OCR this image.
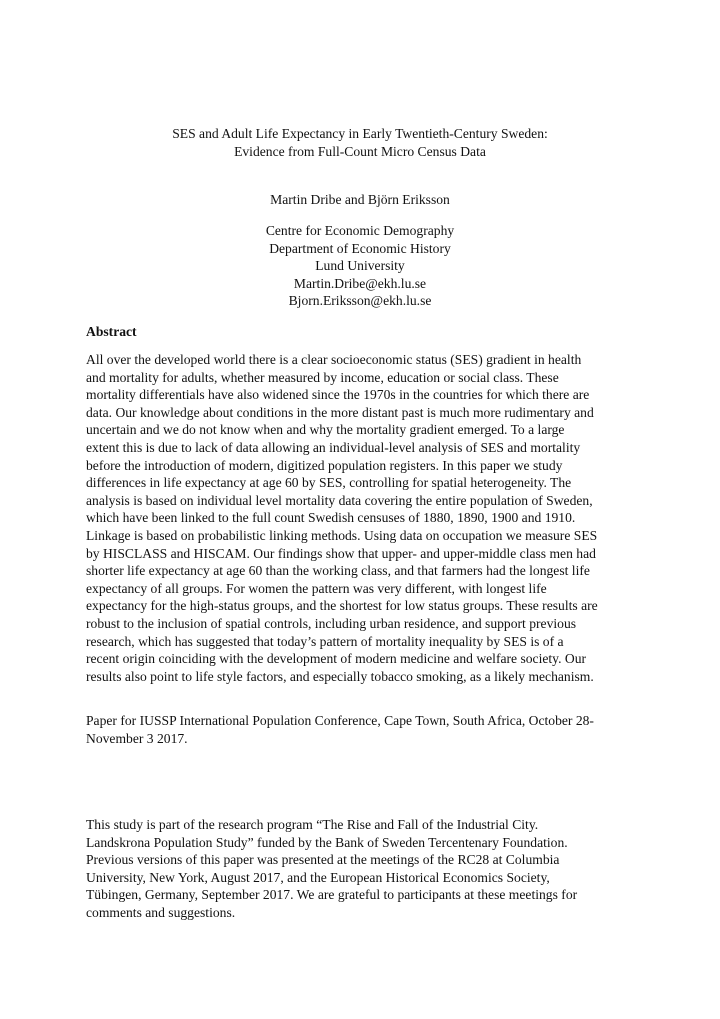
SES and Adult Life Expectancy in Early Twentieth-Century Sweden:
Evidence from Full-Count Micro Census Data
Martin Dribe and Björn Eriksson
Centre for Economic Demography
Department of Economic History
Lund University
Martin.Dribe@ekh.lu.se
Bjorn.Eriksson@ekh.lu.se
Abstract
All over the developed world there is a clear socioeconomic status (SES) gradient in health
and mortality for adults, whether measured by income, education or social class. These
mortality differentials have also widened since the 1970s in the countries for which there are
data. Our knowledge about conditions in the more distant past is much more rudimentary and
uncertain and we do not know when and why the mortality gradient emerged. To a large
extent this is due to lack of data allowing an individual-level analysis of SES and mortality
before the introduction of modern, digitized population registers. In this paper we study
differences in life expectancy at age 60 by SES, controlling for spatial heterogeneity. The
analysis is based on individual level mortality data covering the entire population of Sweden,
which have been linked to the full count Swedish censuses of 1880, 1890, 1900 and 1910.
Linkage is based on probabilistic linking methods. Using data on occupation we measure SES
by HISCLASS and HISCAM. Our findings show that upper- and upper-middle class men had
shorter life expectancy at age 60 than the working class, and that farmers had the longest life
expectancy of all groups. For women the pattern was very different, with longest life
expectancy for the high-status groups, and the shortest for low status groups. These results are
robust to the inclusion of spatial controls, including urban residence, and support previous
research, which has suggested that today’s pattern of mortality inequality by SES is of a
recent origin coinciding with the development of modern medicine and welfare society. Our
results also point to life style factors, and especially tobacco smoking, as a likely mechanism.
Paper for IUSSP International Population Conference, Cape Town, South Africa, October 28-
November 3 2017.
This study is part of the research program “The Rise and Fall of the Industrial City.
Landskrona Population Study” funded by the Bank of Sweden Tercentenary Foundation.
Previous versions of this paper was presented at the meetings of the RC28 at Columbia
University, New York, August 2017, and the European Historical Economics Society,
Tübingen, Germany, September 2017. We are grateful to participants at these meetings for
comments and suggestions.
